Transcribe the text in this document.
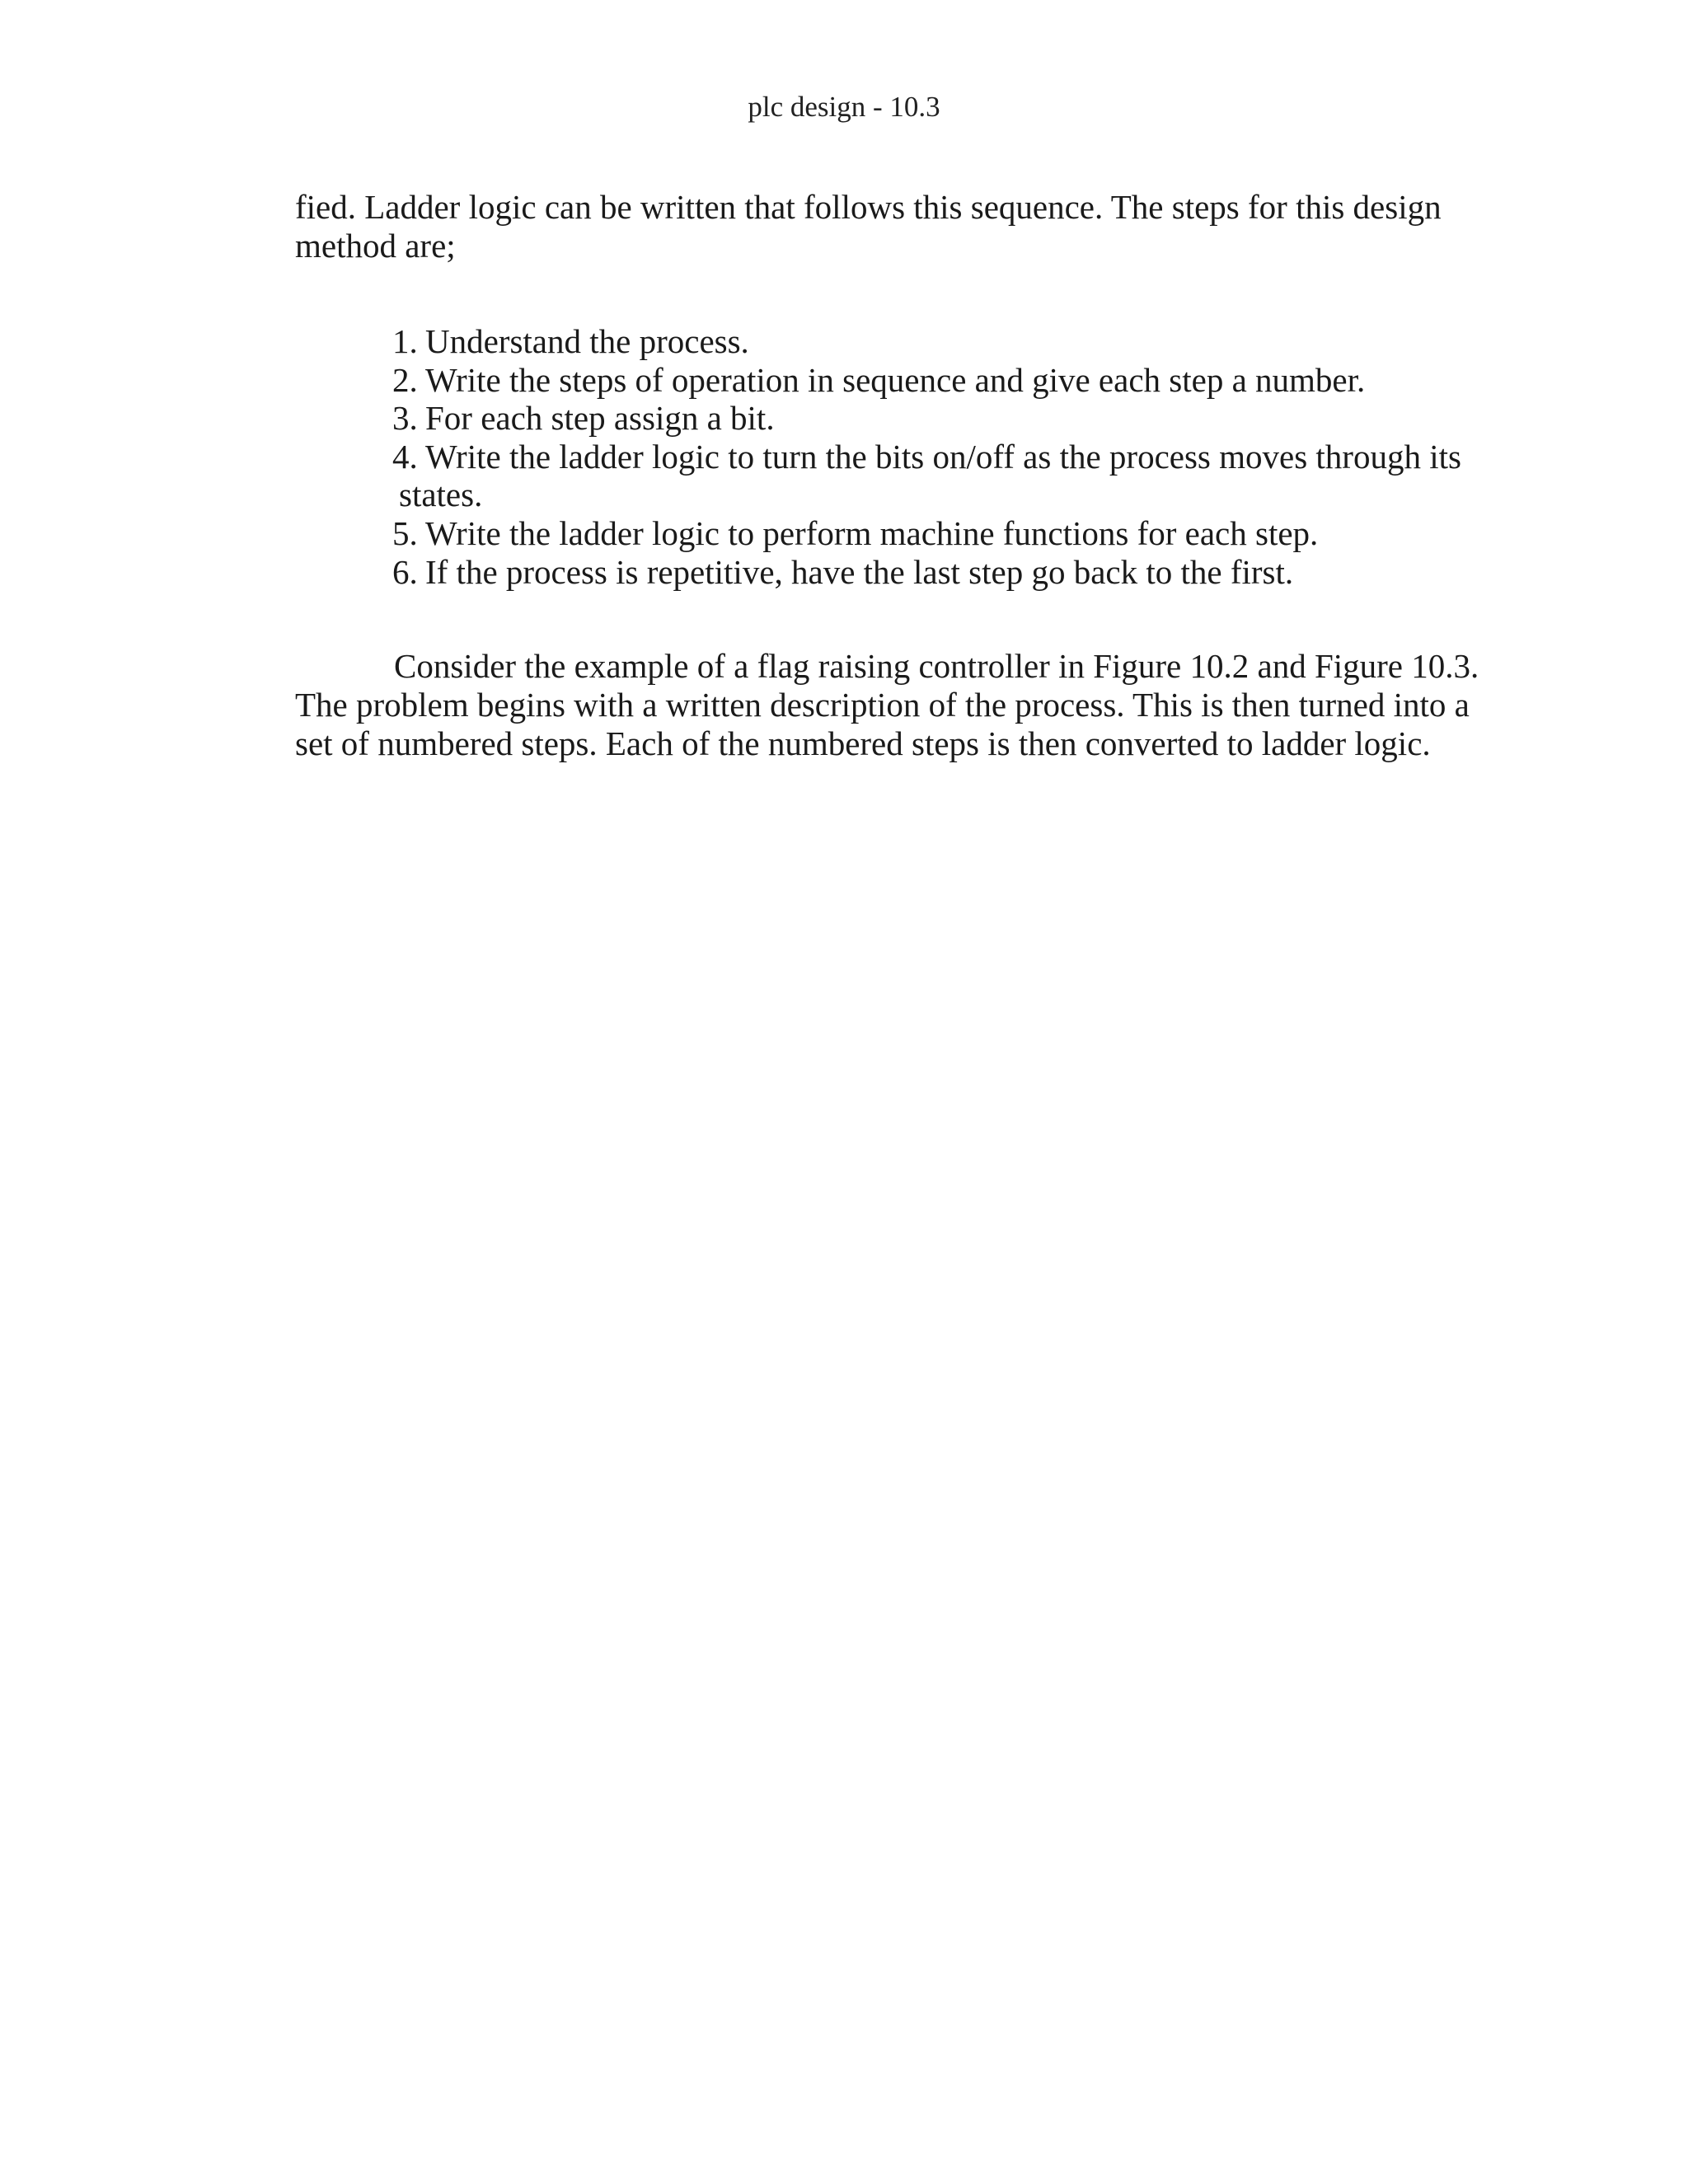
plc design - 10.3

fied. Ladder logic can be written that follows this sequence. The steps for this design method are;

1. Understand the process.
2. Write the steps of operation in sequence and give each step a number.
3. For each step assign a bit.
4. Write the ladder logic to turn the bits on/off as the process moves through its
states.
5. Write the ladder logic to perform machine functions for each step.
6. If the process is repetitive, have the last step go back to the first.

Consider the example of a flag raising controller in Figure 10.2 and Figure 10.3. The problem begins with a written description of the process. This is then turned into a set of numbered steps. Each of the numbered steps is then converted to ladder logic.
